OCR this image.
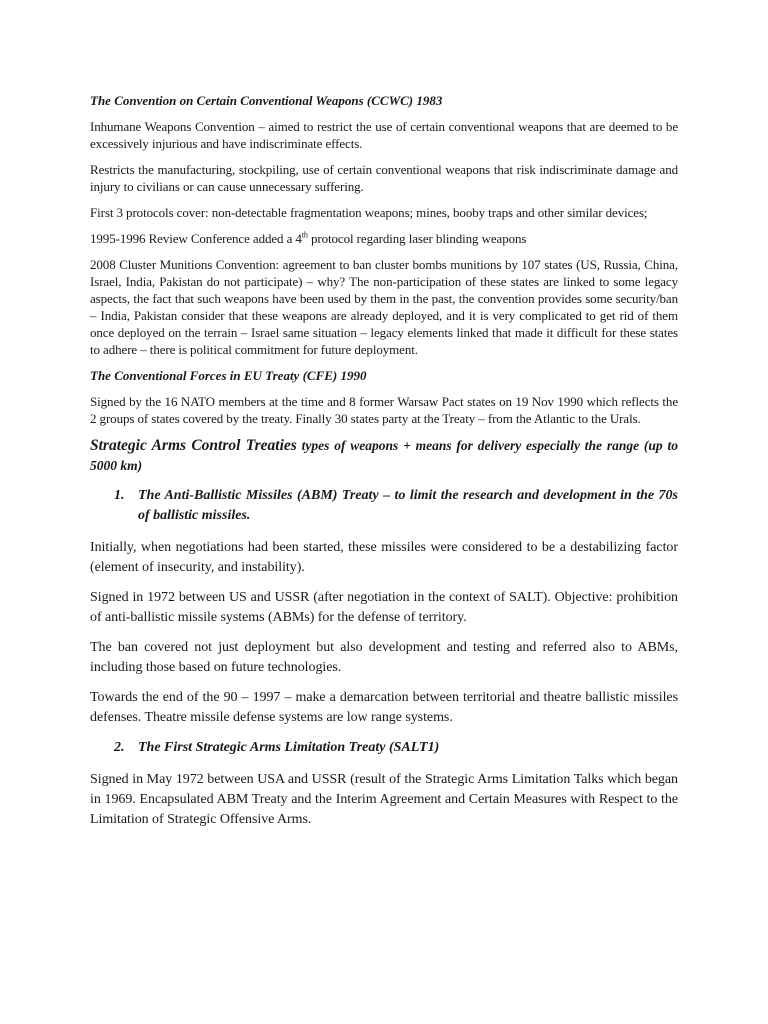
The Convention on Certain Conventional Weapons (CCWC) 1983

Inhumane Weapons Convention – aimed to restrict the use of certain conventional weapons that are deemed to be excessively injurious and have indiscriminate effects.

Restricts the manufacturing, stockpiling, use of certain conventional weapons that risk indiscriminate damage and injury to civilians or can cause unnecessary suffering.

First 3 protocols cover: non-detectable fragmentation weapons; mines, booby traps and other similar devices;

1995-1996 Review Conference added a 4th protocol regarding laser blinding weapons

2008 Cluster Munitions Convention: agreement to ban cluster bombs munitions by 107 states (US, Russia, China, Israel, India, Pakistan do not participate) – why? The non-participation of these states are linked to some legacy aspects, the fact that such weapons have been used by them in the past, the convention provides some security/ban – India, Pakistan consider that these weapons are already deployed, and it is very complicated to get rid of them once deployed on the terrain – Israel same situation – legacy elements linked that made it difficult for these states to adhere – there is political commitment for future deployment.

The Conventional Forces in EU Treaty (CFE) 1990

Signed by the 16 NATO members at the time and 8 former Warsaw Pact states on 19 Nov 1990 which reflects the 2 groups of states covered by the treaty. Finally 30 states party at the Treaty – from the Atlantic to the Urals.

Strategic Arms Control Treaties types of weapons + means for delivery especially the range (up to 5000 km)

1. The Anti-Ballistic Missiles (ABM) Treaty – to limit the research and development in the 70s of ballistic missiles.

Initially, when negotiations had been started, these missiles were considered to be a destabilizing factor (element of insecurity, and instability).

Signed in 1972 between US and USSR (after negotiation in the context of SALT). Objective: prohibition of anti-ballistic missile systems (ABMs) for the defense of territory.

The ban covered not just deployment but also development and testing and referred also to ABMs, including those based on future technologies.

Towards the end of the 90 – 1997 – make a demarcation between territorial and theatre ballistic missiles defenses. Theatre missile defense systems are low range systems.

2. The First Strategic Arms Limitation Treaty (SALT1)

Signed in May 1972 between USA and USSR (result of the Strategic Arms Limitation Talks which began in 1969. Encapsulated ABM Treaty and the Interim Agreement and Certain Measures with Respect to the Limitation of Strategic Offensive Arms.
